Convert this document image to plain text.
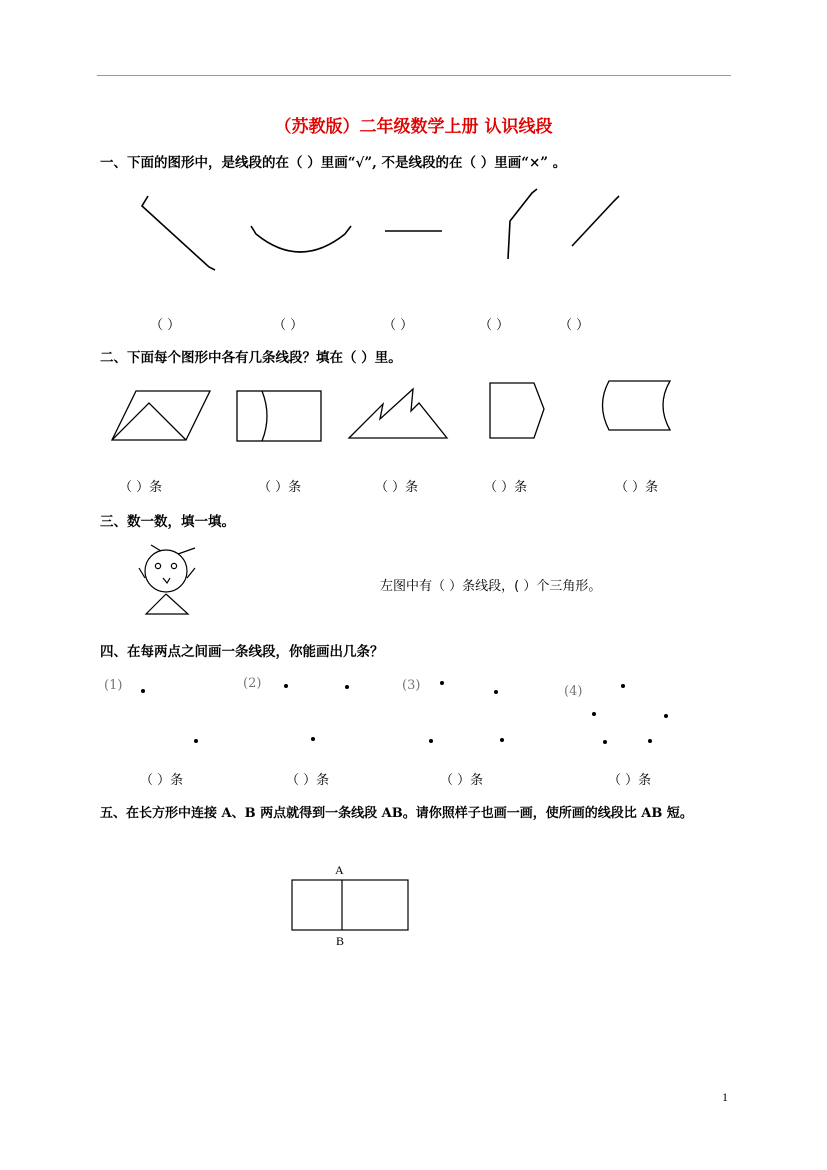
（苏教版）二年级数学上册 认识线段
一、下面的图形中，是线段的在（ ）里画“√”, 不是线段的在（ ）里画“×” 。
（ ）	（ ）	（ ）	（ ）	（ ）
二、下面每个图形中各有几条线段？填在（ ）里。
（ ）条	（ ）条	（ ）条	（ ）条	（ ）条
三、数一数，填一填。
左图中有（ ）条线段，( ）个三角形。
四、在每两点之间画一条线段，你能画出几条？
(1)	(2)	(3)	(4)
（ ）条	（ ）条	（ ）条	（ ）条
五、在长方形中连接 A、B 两点就得到一条线段 AB。请你照样子也画一画，使所画的线段比 AB 短。
A
B
1
